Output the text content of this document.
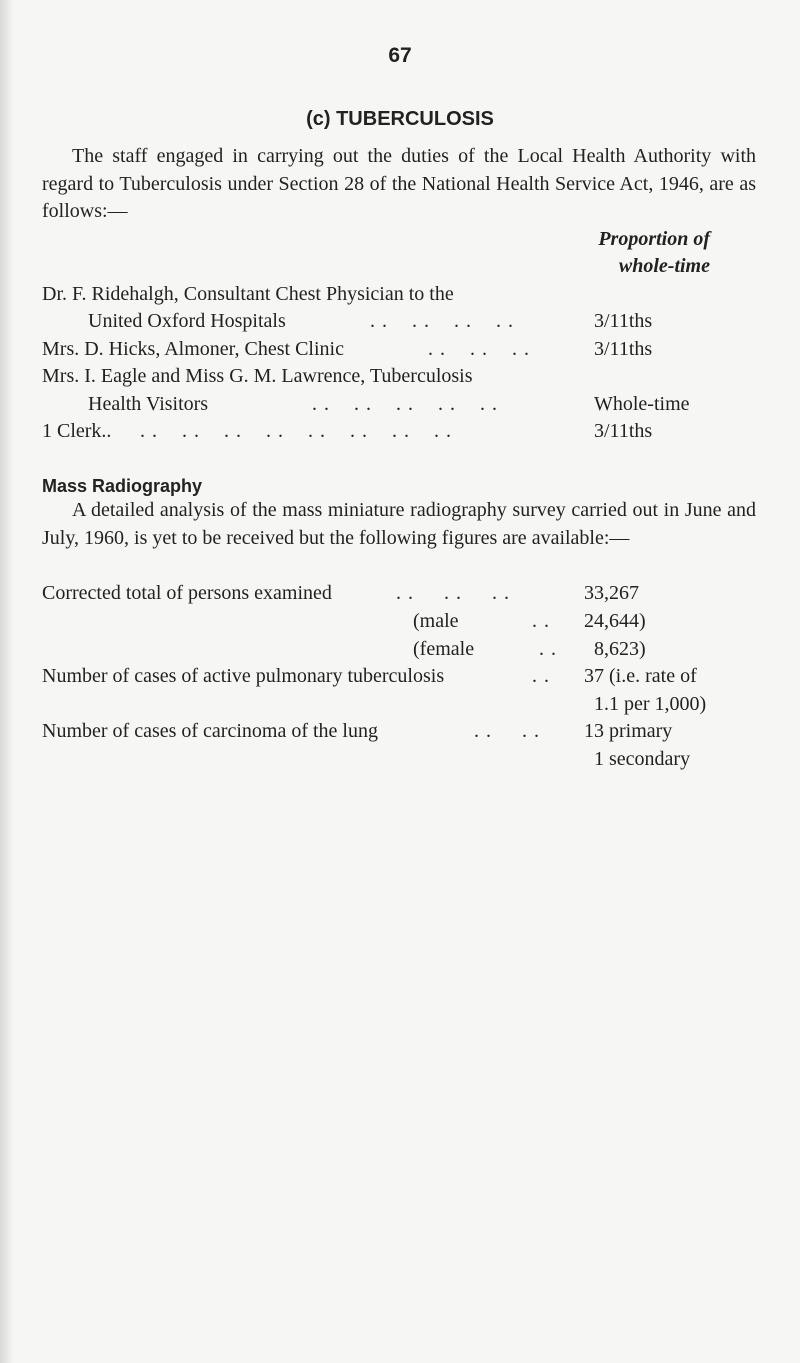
67
(c) TUBERCULOSIS
The staff engaged in carrying out the duties of the Local Health Authority with regard to Tuberculosis under Section 28 of the National Health Service Act, 1946, are as follows:—
Proportion of
whole-time
Dr. F. Ridehalgh, Consultant Chest Physician to the
United Oxford Hospitals	. .    . .    . .    . .	3/11ths
Mrs. D. Hicks, Almoner, Chest Clinic	. .    . .    . .	3/11ths
Mrs. I. Eagle and Miss G. M. Lawrence, Tuberculosis
Health Visitors	. .    . .    . .    . .    . .	Whole-time
1 Clerk.. . .    . .    . .    . .    . .    . .    . .    . .	3/11ths
Mass Radiography
A detailed analysis of the mass miniature radiography survey carried out in June and July, 1960, is yet to be received but the following figures are available:—
Corrected total of persons examined	. .     . .     . .	33,267
(male	. . 24,644)
(female	. . 8,623)
Number of cases of active pulmonary tuberculosis	. . 37 (i.e. rate of
1.1 per 1,000)
Number of cases of carcinoma of the lung	. .     . . 13 primary
1 secondary
